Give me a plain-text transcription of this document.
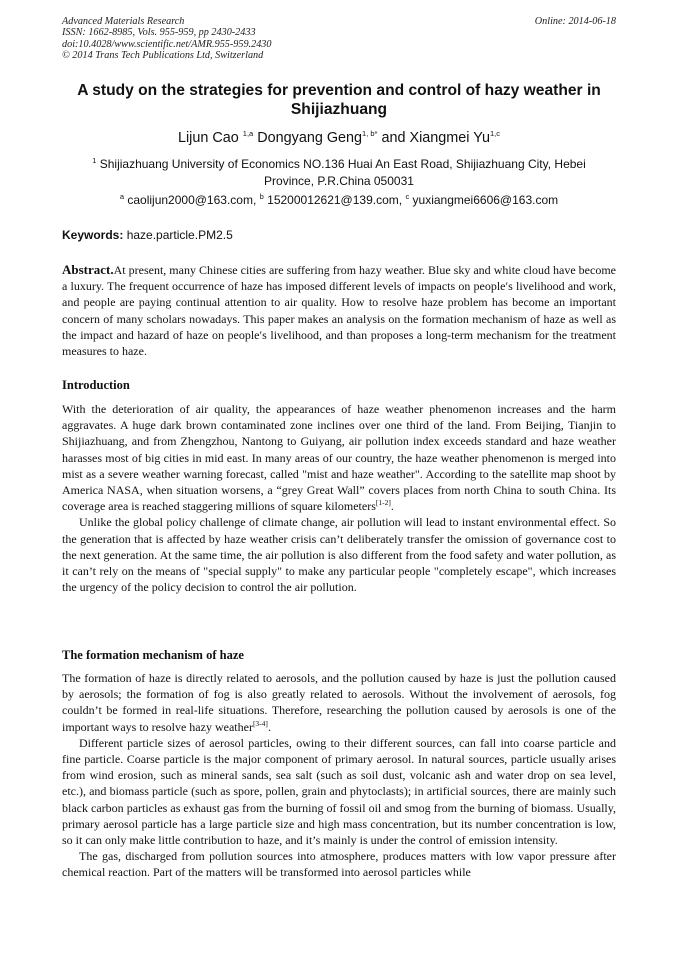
Advanced Materials Research
ISSN: 1662-8985, Vols. 955-959, pp 2430-2433
doi:10.4028/www.scientific.net/AMR.955-959.2430
© 2014 Trans Tech Publications Ltd, Switzerland
Online: 2014-06-18
A study on the strategies for prevention and control of hazy weather in Shijiazhuang
Lijun Cao $^{1,a}$ Dongyang Geng$^{1, b*}$ and Xiangmei Yu$^{1,c}$
$^1$ Shijiazhuang University of Economics NO.136 Huai An East Road, Shijiazhuang City, Hebei Province, P.R.China 050031
$^a$ caolijun2000@163.com, $^b$ 15200012621@139.com, $^c$ yuxiangmei6606@163.com
Keywords: haze.particle.PM2.5

Abstract.At present, many Chinese cities are suffering from hazy weather. Blue sky and white cloud have become a luxury. The frequent occurrence of haze has imposed different levels of impacts on people′s livelihood and work, and people are paying continual attention to air quality. How to resolve haze problem has become an important concern of many scholars nowadays. This paper makes an analysis on the formation mechanism of haze as well as the impact and hazard of haze on people′s livelihood, and than proposes a long-term mechanism for the treatment measures to haze.

Introduction

With the deterioration of air quality, the appearances of haze weather phenomenon increases and the harm aggravates. A huge dark brown contaminated zone inclines over one third of the land. From Beijing, Tianjin to Shijiazhuang, and from Zhengzhou, Nantong to Guiyang, air pollution index exceeds standard and haze weather harasses most of big cities in mid east. In many areas of our country, the haze weather phenomenon is merged into mist as a severe weather warning forecast, called "mist and haze weather". According to the satellite map shoot by America NASA, when situation worsens, a “grey Great Wall” covers places from north China to south China. Its coverage area is reached staggering millions of square kilometers[1-2].

Unlike the global policy challenge of climate change, air pollution will lead to instant environmental effect. So the generation that is affected by haze weather crisis can’t deliberately transfer the omission of governance cost to the next generation. At the same time, the air pollution is also different from the food safety and water pollution, as it can’t rely on the means of "special supply" to make any particular people "completely escape", which increases the urgency of the policy decision to control the air pollution.

The formation mechanism of haze

The formation of haze is directly related to aerosols, and the pollution caused by haze is just the pollution caused by aerosols; the formation of fog is also greatly related to aerosols. Without the involvement of aerosols, fog couldn’t be formed in real-life situations. Therefore, researching the pollution caused by aerosols is one of the important ways to resolve hazy weather[3-4].

Different particle sizes of aerosol particles, owing to their different sources, can fall into coarse particle and fine particle. Coarse particle is the major component of primary aerosol. In natural sources, particle usually arises from wind erosion, such as mineral sands, sea salt (such as soil dust, volcanic ash and water drop on sea level, etc.), and biomass particle (such as spore, pollen, grain and phytoclasts); in artificial sources, there are mainly such black carbon particles as exhaust gas from the burning of fossil oil and smog from the burning of biomass. Usually, primary aerosol particle has a large particle size and high mass concentration, but its number concentration is low, so it can only make little contribution to haze, and it’s mainly is under the control of emission intensity.

The gas, discharged from pollution sources into atmosphere, produces matters with low vapor pressure after chemical reaction. Part of the matters will be transformed into aerosol particles while
